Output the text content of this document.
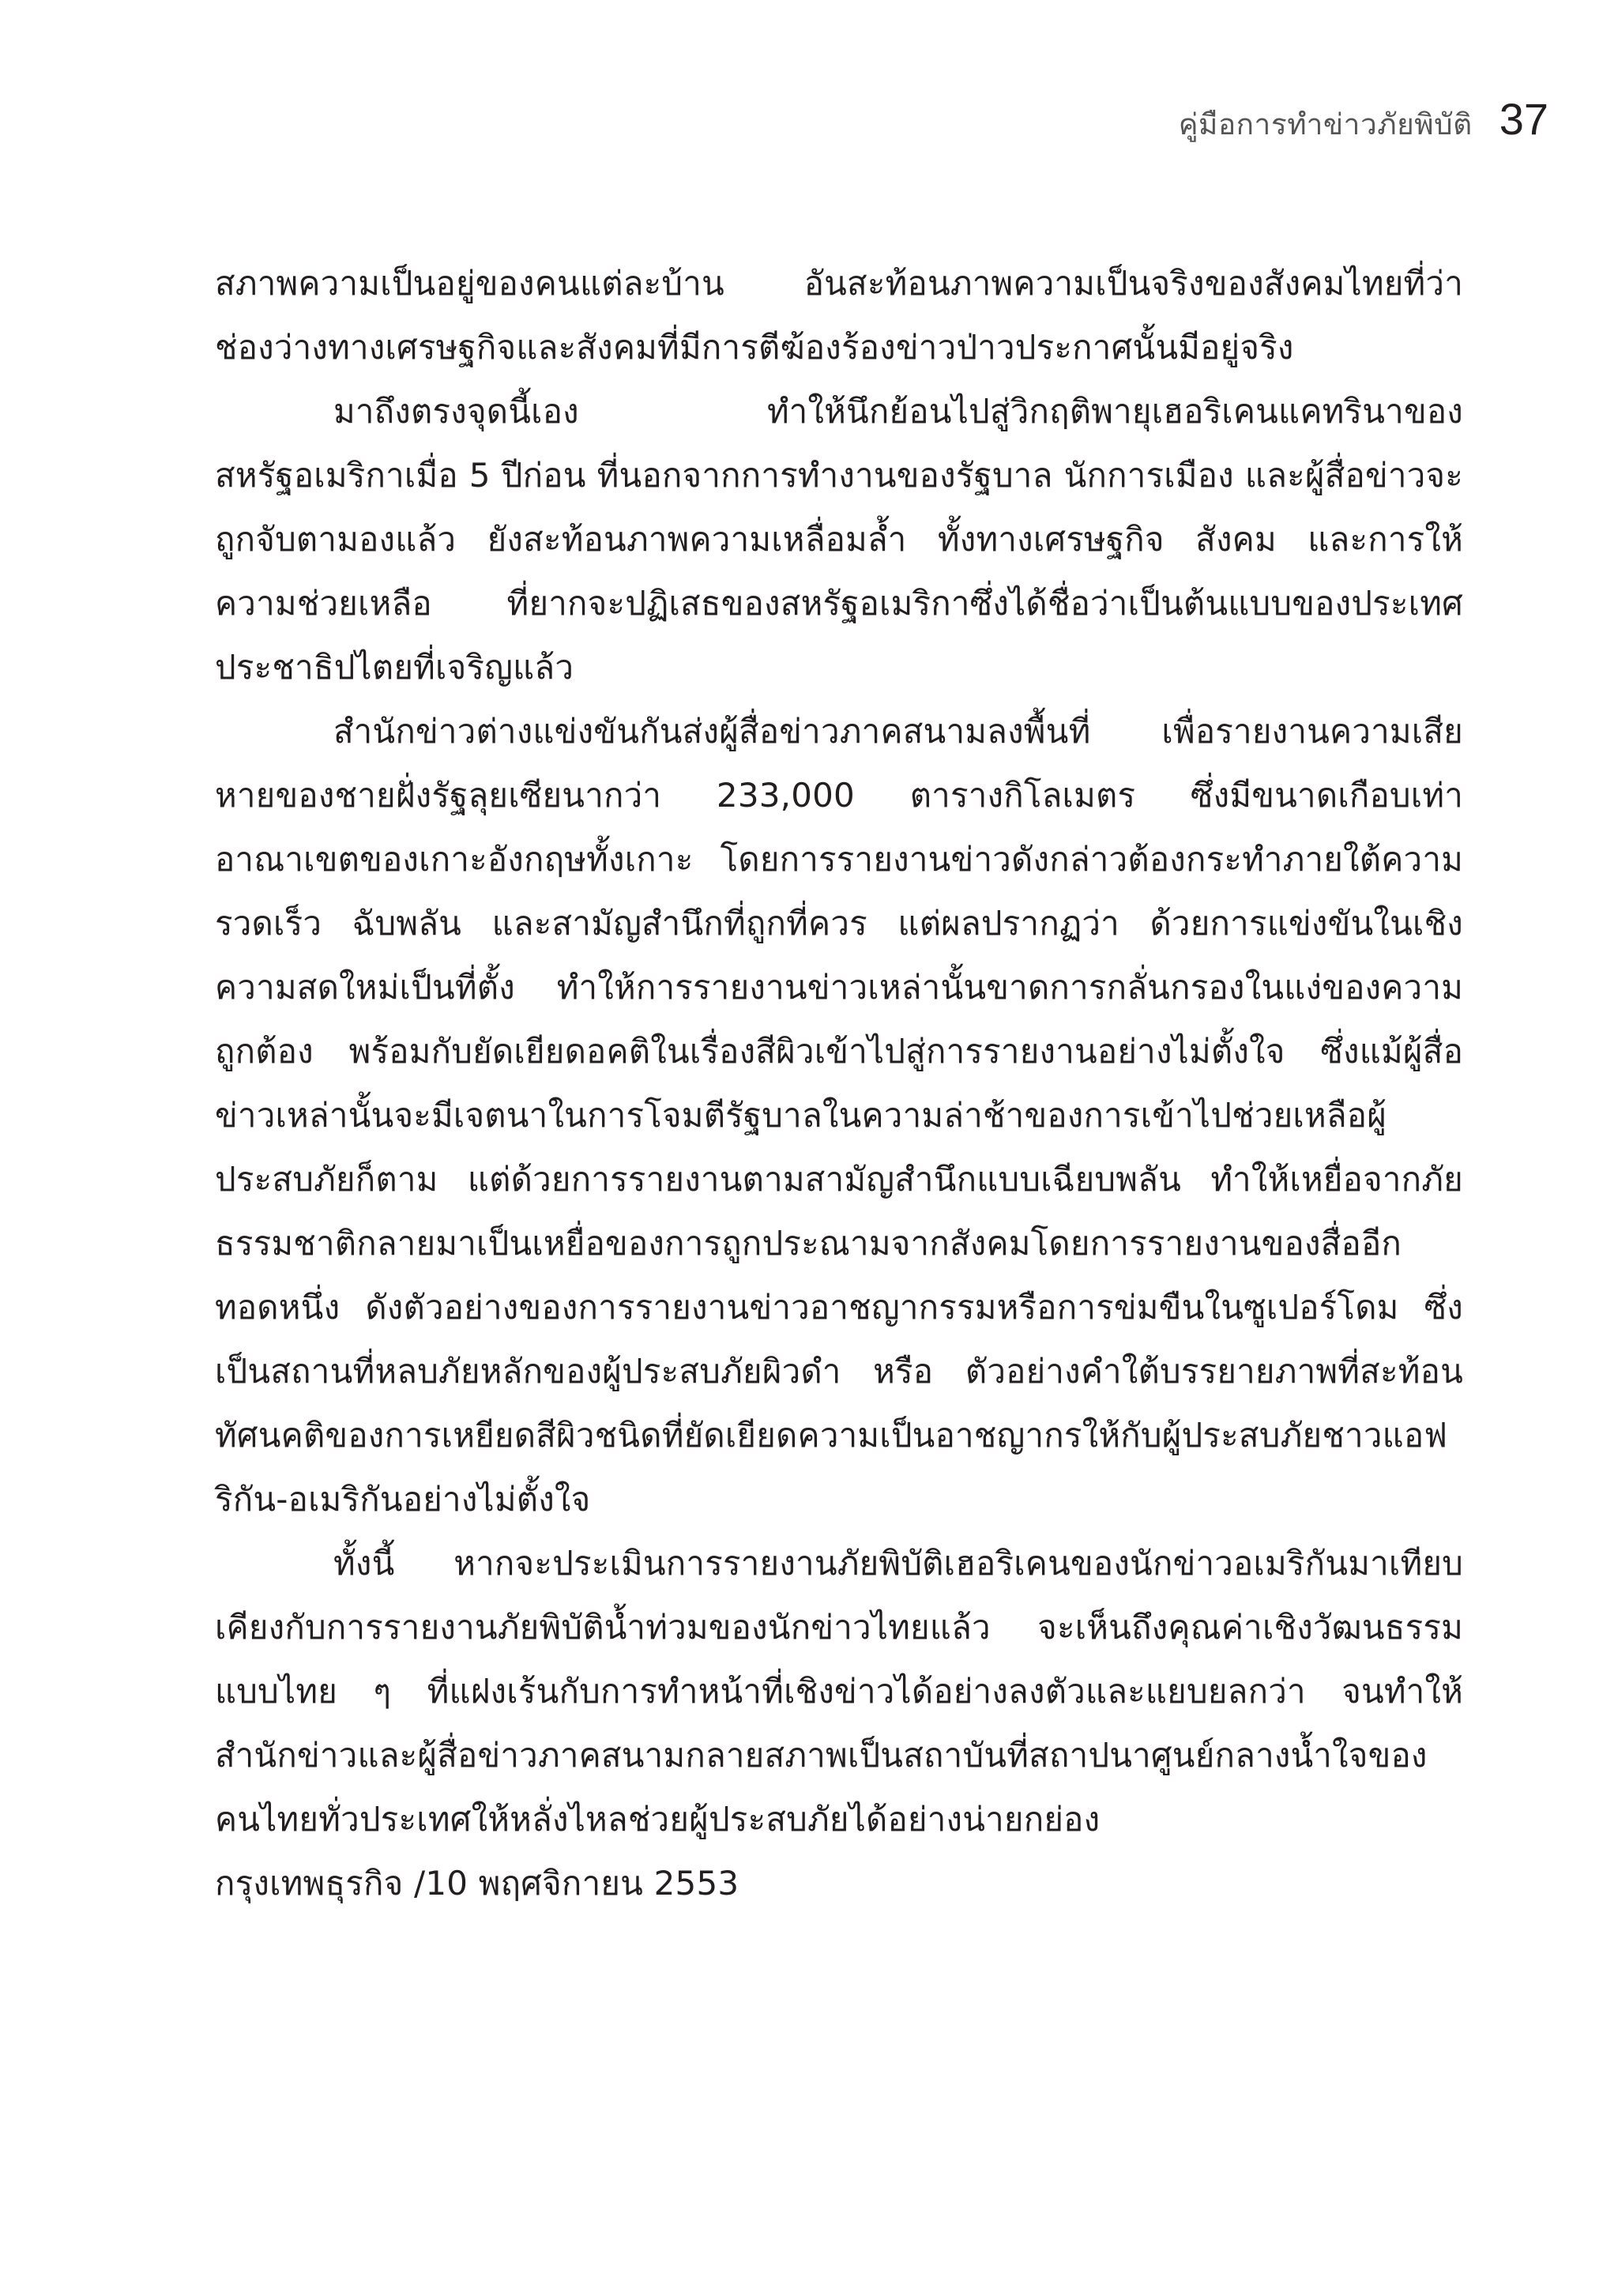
คู่มือการทำข่าวภัยพิบัติ 37

สภาพความเป็นอยู่ของคนแต่ละบ้าน อันสะท้อนภาพความเป็นจริงของสังคมไทยที่ว่า ช่องว่างทางเศรษฐกิจและสังคมที่มีการตีฆ้องร้องข่าวป่าวประกาศนั้นมีอยู่จริง

มาถึงตรงจุดนี้เอง ทำให้นึกย้อนไปสู่วิกฤติพายุเฮอริเคนแคทรินาของสหรัฐอเมริกาเมื่อ 5 ปีก่อน ที่นอกจากการทำงานของรัฐบาล นักการเมือง และผู้สื่อข่าวจะถูกจับตามองแล้ว ยังสะท้อนภาพความเหลื่อมล้ำ ทั้งทางเศรษฐกิจ สังคม และการให้ความช่วยเหลือ ที่ยากจะปฏิเสธของสหรัฐอเมริกาซึ่งได้ชื่อว่าเป็นต้นแบบของประเทศประชาธิปไตยที่เจริญแล้ว

สำนักข่าวต่างแข่งขันกันส่งผู้สื่อข่าวภาคสนามลงพื้นที่ เพื่อรายงานความเสียหายของชายฝั่งรัฐลุยเซียนากว่า 233,000 ตารางกิโลเมตร ซึ่งมีขนาดเกือบเท่าอาณาเขตของเกาะอังกฤษทั้งเกาะ โดยการรายงานข่าวดังกล่าวต้องกระทำภายใต้ความรวดเร็ว ฉับพลัน และสามัญสำนึกที่ถูกที่ควร แต่ผลปรากฏว่า ด้วยการแข่งขันในเชิงความสดใหม่เป็นที่ตั้ง ทำให้การรายงานข่าวเหล่านั้นขาดการกลั่นกรองในแง่ของความถูกต้อง พร้อมกับยัดเยียดอคติในเรื่องสีผิวเข้าไปสู่การรายงานอย่างไม่ตั้งใจ ซึ่งแม้ผู้สื่อข่าวเหล่านั้นจะมีเจตนาในการโจมตีรัฐบาลในความล่าช้าของการเข้าไปช่วยเหลือผู้ประสบภัยก็ตาม แต่ด้วยการรายงานตามสามัญสำนึกแบบเฉียบพลัน ทำให้เหยื่อจากภัยธรรมชาติกลายมาเป็นเหยื่อของการถูกประณามจากสังคมโดยการรายงานของสื่ออีกทอดหนึ่ง ดังตัวอย่างของการรายงานข่าวอาชญากรรมหรือการข่มขืนในซูเปอร์โดม ซึ่งเป็นสถานที่หลบภัยหลักของผู้ประสบภัยผิวดำ หรือ ตัวอย่างคำใต้บรรยายภาพที่สะท้อนทัศนคติของการเหยียดสีผิวชนิดที่ยัดเยียดความเป็นอาชญากรให้กับผู้ประสบภัยชาวแอฟริกัน-อเมริกันอย่างไม่ตั้งใจ

ทั้งนี้ หากจะประเมินการรายงานภัยพิบัติเฮอริเคนของนักข่าวอเมริกันมาเทียบเคียงกับการรายงานภัยพิบัติน้ำท่วมของนักข่าวไทยแล้ว จะเห็นถึงคุณค่าเชิงวัฒนธรรมแบบไทย ๆ ที่แฝงเร้นกับการทำหน้าที่เชิงข่าวได้อย่างลงตัวและแยบยลกว่า จนทำให้สำนักข่าวและผู้สื่อข่าวภาคสนามกลายสภาพเป็นสถาบันที่สถาปนาศูนย์กลางน้ำใจของคนไทยทั่วประเทศให้หลั่งไหลช่วยผู้ประสบภัยได้อย่างน่ายกย่อง

กรุงเทพธุรกิจ /10 พฤศจิกายน 2553
